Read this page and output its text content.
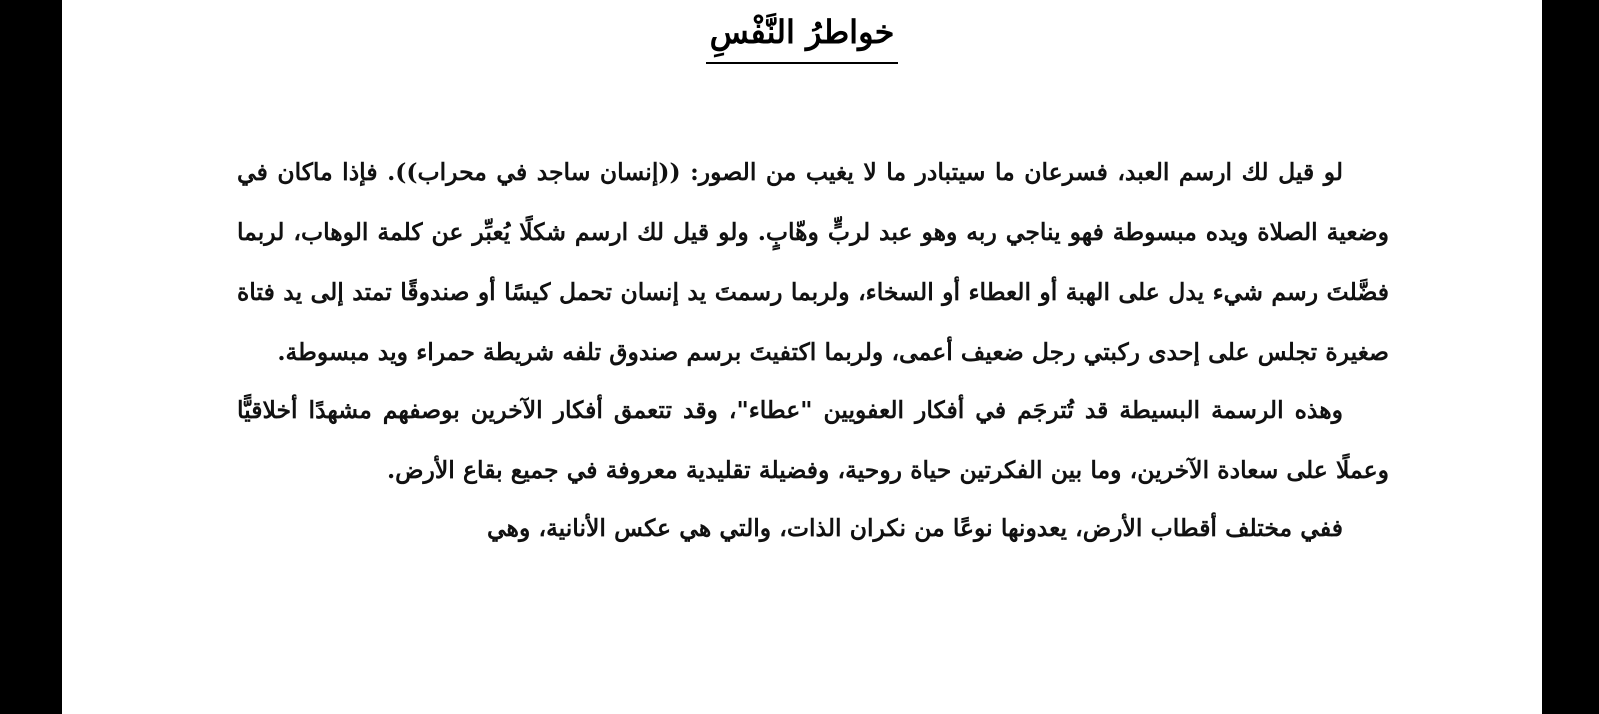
خواطرُ النَّفْسِ

لو قيل لك ارسم العبد، فسرعان ما سيتبادر ما لا يغيب من الصور: ((إنسان ساجد في محراب)). فإذا ماكان في وضعية الصلاة ويده مبسوطة فهو يناجي ربه وهو عبد لربٍّ وهّابٍ. ولو قيل لك ارسم شكلًا يُعبِّر عن كلمة الوهاب، لربما فضَّلتَ رسم شيء يدل على الهبة أو العطاء أو السخاء، ولربما رسمتَ يد إنسان تحمل كيسًا أو صندوقًا تمتد إلى يد فتاة صغيرة تجلس على إحدى ركبتي رجل ضعيف أعمى، ولربما اكتفيتَ برسم صندوق تلفه شريطة حمراء ويد مبسوطة.

وهذه الرسمة البسيطة قد تُترجَم في أفكار العفويين "عطاء"، وقد تتعمق أفكار الآخرين بوصفهم مشهدًا أخلاقيًّا وعملًا على سعادة الآخرين، وما بين الفكرتين حياة روحية، وفضيلة تقليدية معروفة في جميع بقاع الأرض.

ففي مختلف أقطاب الأرض، يعدونها نوعًا من نكران الذات، والتي هي عكس الأنانية، وهي
